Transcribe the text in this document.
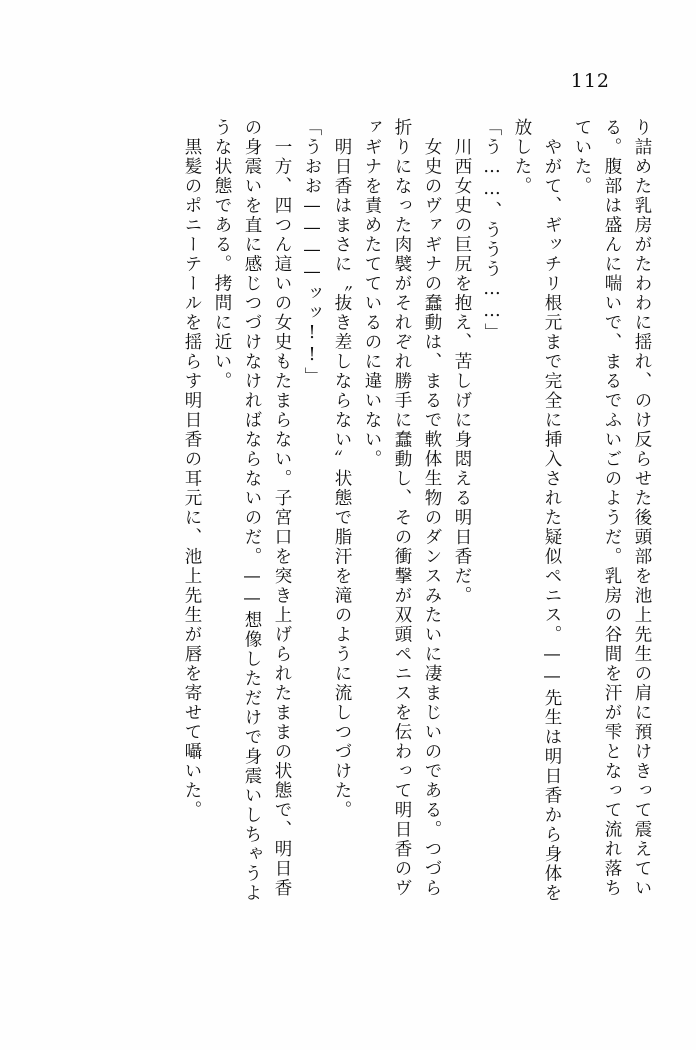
112
り詰めた乳房がたわわに揺れ、のけ反らせた後頭部を池上先生の肩に預けきって震えてい
る。腹部は盛んに喘いで、まるでふいごのようだ。乳房の谷間を汗が雫となって流れ落ち
ていた。
　やがて、ギッチリ根元まで完全に挿入された疑似ペニス。——先生は明日香から身体を
放した。
「う……、ううう……」
　川西女史の巨尻を抱え、苦しげに身悶える明日香だ。
　女史のヴァギナの蠢動は、まるで軟体生物のダンスみたいに凄まじいのである。つづら
折りになった肉襞がそれぞれ勝手に蠢動し、その衝撃が双頭ペニスを伝わって明日香のヴ
ァギナを責めたてているのに違いない。
　明日香はまさに〝抜き差しならない〟状態で脂汗を滝のように流しつづけた。
「うおお————ッッ!!」
　一方、四つん這いの女史もたまらない。子宮口を突き上げられたままの状態で、明日香
の身震いを直に感じつづけなければならないのだ。——想像しただけで身震いしちゃうよ
うな状態である。拷問に近い。
　黒髪のポニーテールを揺らす明日香の耳元に、池上先生が唇を寄せて囁いた。
